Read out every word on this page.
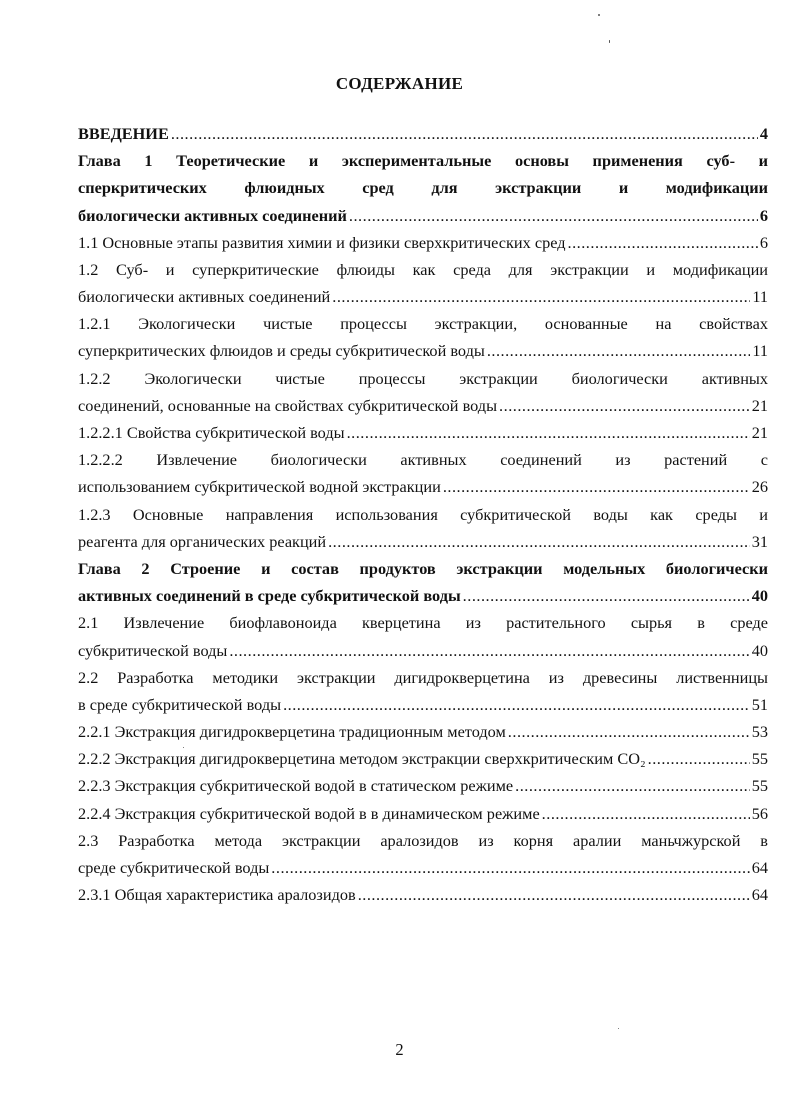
СОДЕРЖАНИЕ
ВВЕДЕНИЕ .....	4
Глава 1 Теоретические и экспериментальные основы применения суб- и
сперкритических флюидных сред для экстракции и модификации
биологически активных соединений .....	6
1.1 Основные этапы развития химии и физики сверхкритических сред .....	6
1.2 Суб- и суперкритические флюиды как среда для экстракции и модификации
биологически активных соединений .....	11
1.2.1 Экологически чистые процессы экстракции, основанные на свойствах
суперкритических флюидов и среды субкритической воды .....	11
1.2.2 Экологически чистые процессы экстракции биологически активных
соединений, основанные на свойствах субкритической воды .....	21
1.2.2.1 Свойства субкритической воды .....	21
1.2.2.2 Извлечение биологически активных соединений из растений с
использованием субкритической водной экстракции .....	26
1.2.3 Основные направления использования субкритической воды как среды и
реагента для органических реакций .....	31
Глава 2 Строение и состав продуктов экстракции модельных биологически
активных соединений в среде субкритической воды .....	40
2.1 Извлечение биофлавоноида кверцетина из растительного сырья в среде
субкритической воды .....	40
2.2 Разработка методики экстракции дигидрокверцетина из древесины лиственницы
в среде субкритической воды .....	51
2.2.1 Экстракция дигидрокверцетина традиционным методом .....	53
2.2.2 Экстракция дигидрокверцетина методом экстракции сверхкритическим CO₂ .....	55
2.2.3 Экстракция субкритической водой в статическом режиме .....	55
2.2.4 Экстракция субкритической водой в в динамическом режиме .....	56
2.3 Разработка метода экстракции аралозидов из корня аралии маньчжурской в
среде субкритической воды .....	64
2.3.1 Общая характеристика аралозидов .....	64
2
